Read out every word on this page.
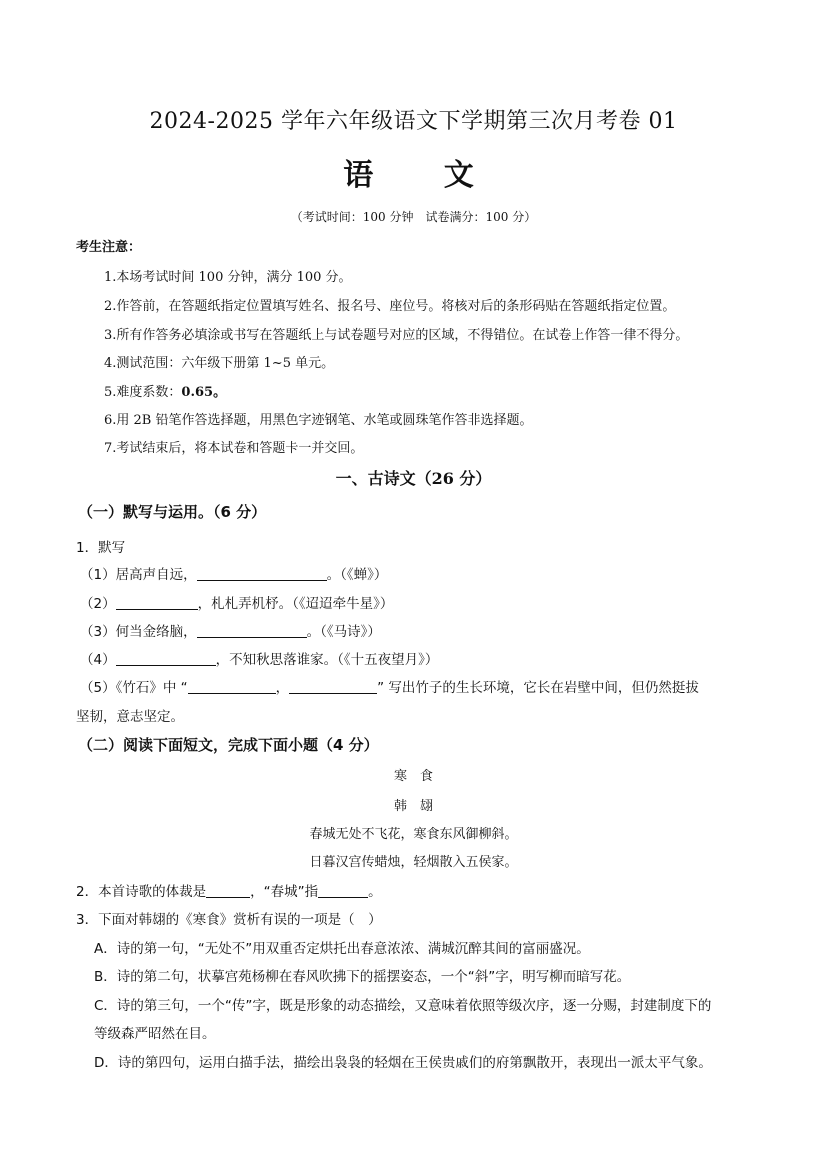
2024-2025 学年六年级语文下学期第三次月考卷 01
语 文
（考试时间：100 分钟　试卷满分：100 分）
考生注意：
1.本场考试时间 100 分钟，满分 100 分。
2.作答前，在答题纸指定位置填写姓名、报名号、座位号。将核对后的条形码贴在答题纸指定位置。
3.所有作答务必填涂或书写在答题纸上与试卷题号对应的区域，不得错位。在试卷上作答一律不得分。
4.测试范围：六年级下册第 1~5 单元。
5.难度系数：0.65。
6.用 2B 铅笔作答选择题，用黑色字迹钢笔、水笔或圆珠笔作答非选择题。
7.考试结束后，将本试卷和答题卡一并交回。
一、古诗文（26 分）
（一）默写与运用。（6 分）
1．默写
（1）居高声自远，	。（《蝉》）
（2）	，札札弄机杼。（《迢迢牵牛星》）
（3）何当金络脑，	。（《马诗》）
（4）	，不知秋思落谁家。（《十五夜望月》）
（5）《竹石》中 “	，	” 写出竹子的生长环境，它长在岩壁中间，但仍然挺拔
坚韧，意志坚定。
（二）阅读下面短文，完成下面小题（4 分）
寒　食
韩　翃
春城无处不飞花，寒食东风御柳斜。
日暮汉宫传蜡烛，轻烟散入五侯家。
2．本首诗歌的体裁是	，“春城”指	。
3．下面对韩翃的《寒食》赏析有误的一项是（　）
A．诗的第一句，“无处不”用双重否定烘托出春意浓浓、满城沉醉其间的富丽盛况。
B．诗的第二句，状摹宫苑杨柳在春风吹拂下的摇摆姿态，一个“斜”字，明写柳而暗写花。
C．诗的第三句，一个“传”字，既是形象的动态描绘，又意味着依照等级次序，逐一分赐，封建制度下的
等级森严昭然在目。
D．诗的第四句，运用白描手法，描绘出袅袅的轻烟在王侯贵戚们的府第飘散开，表现出一派太平气象。
